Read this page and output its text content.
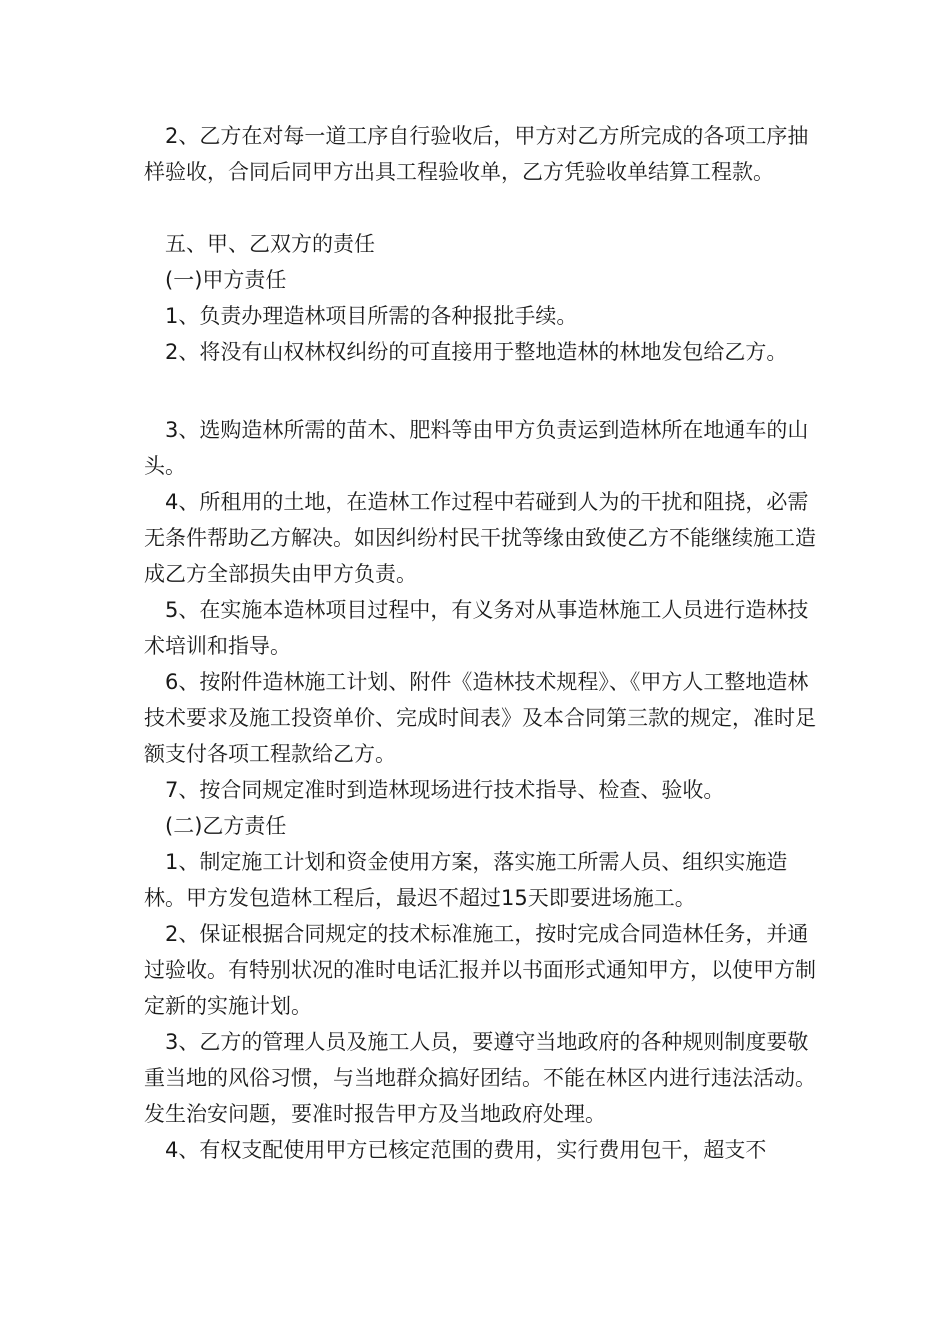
2、乙方在对每一道工序自行验收后，甲方对乙方所完成的各项工序抽样验收，合同后同甲方出具工程验收单，乙方凭验收单结算工程款。

五、甲、乙双方的责任

(一)甲方责任

1、负责办理造林项目所需的各种报批手续。

2、将没有山权林权纠纷的可直接用于整地造林的林地发包给乙方。

3、选购造林所需的苗木、肥料等由甲方负责运到造林所在地通车的山头。

4、所租用的土地，在造林工作过程中若碰到人为的干扰和阻挠，必需无条件帮助乙方解决。如因纠纷村民干扰等缘由致使乙方不能继续施工造成乙方全部损失由甲方负责。

5、在实施本造林项目过程中，有义务对从事造林施工人员进行造林技术培训和指导。

6、按附件造林施工计划、附件《造林技术规程》、《甲方人工整地造林技术要求及施工投资单价、完成时间表》及本合同第三款的规定，准时足额支付各项工程款给乙方。

7、按合同规定准时到造林现场进行技术指导、检查、验收。

(二)乙方责任

1、制定施工计划和资金使用方案，落实施工所需人员、组织实施造林。甲方发包造林工程后，最迟不超过15天即要进场施工。

2、保证根据合同规定的技术标准施工，按时完成合同造林任务，并通过验收。有特别状况的准时电话汇报并以书面形式通知甲方，以使甲方制定新的实施计划。

3、乙方的管理人员及施工人员，要遵守当地政府的各种规则制度要敬重当地的风俗习惯，与当地群众搞好团结。不能在林区内进行违法活动。发生治安问题，要准时报告甲方及当地政府处理。

4、有权支配使用甲方已核定范围的费用，实行费用包干，超支不
